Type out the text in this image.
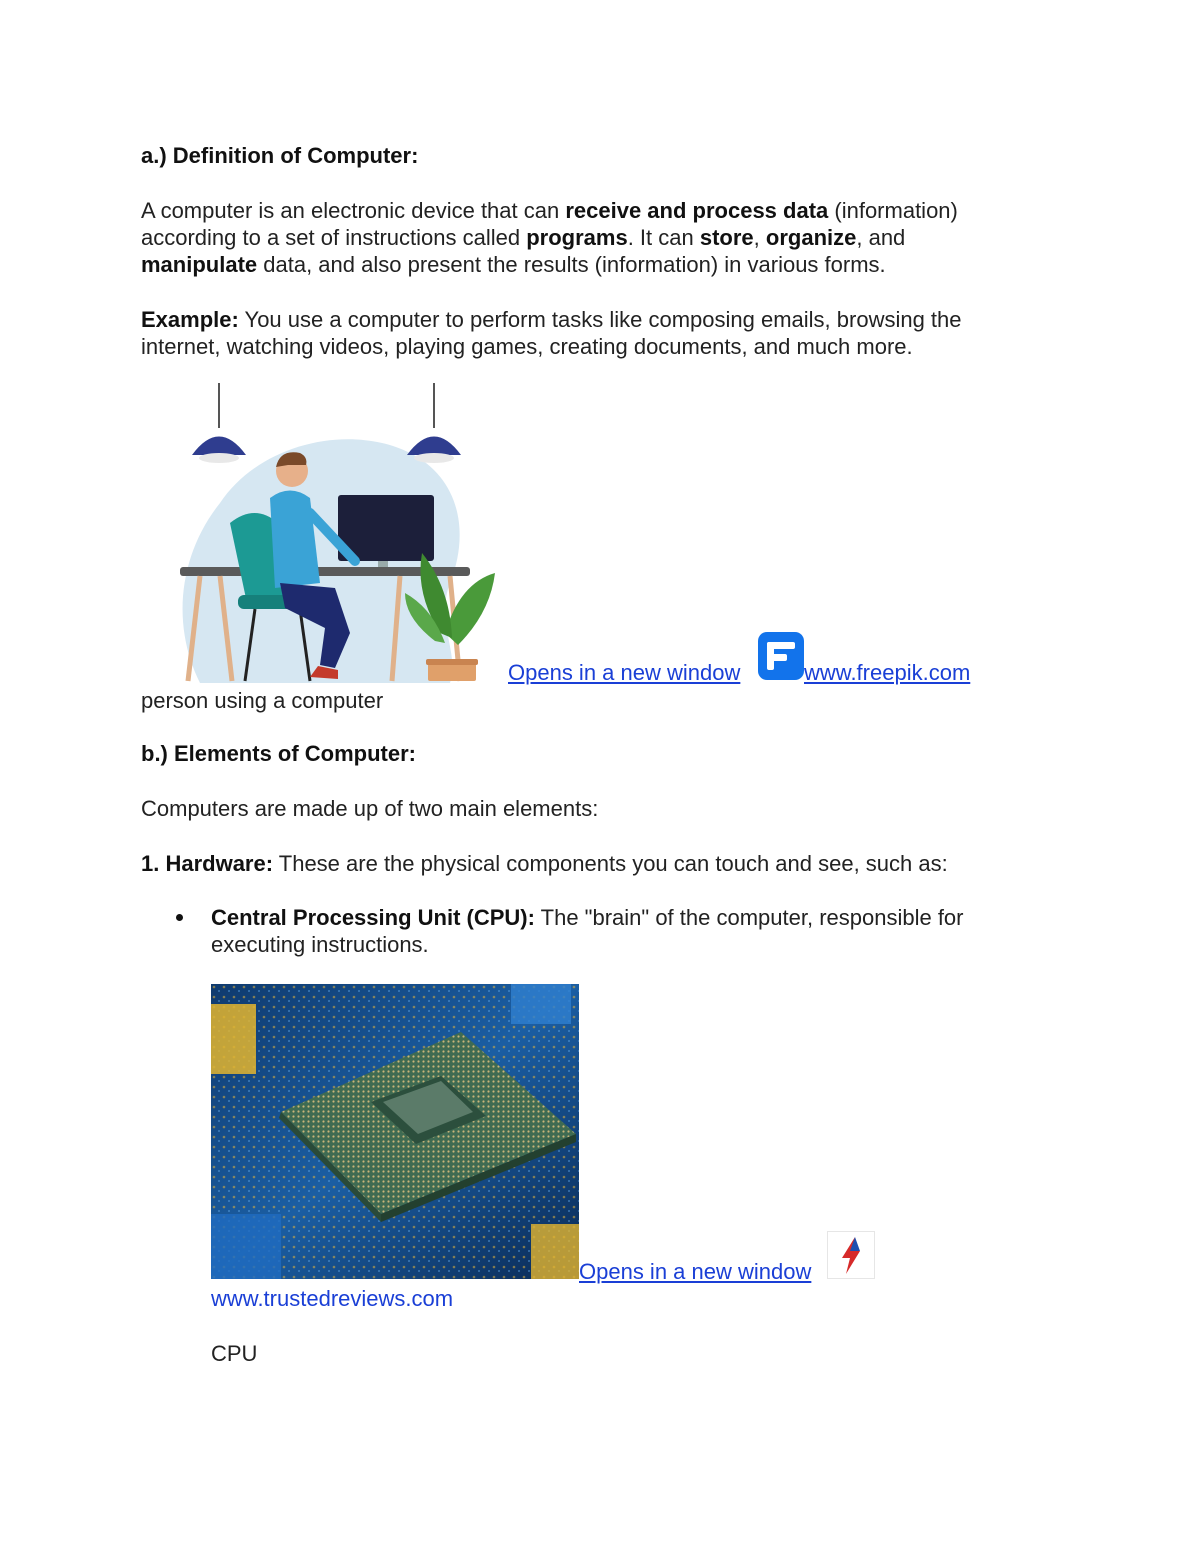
a.) Definition of Computer:
A computer is an electronic device that can receive and process data (information)
according to a set of instructions called programs. It can store, organize, and
manipulate data, and also present the results (information) in various forms.
Example: You use a computer to perform tasks like composing emails, browsing the
internet, watching videos, playing games, creating documents, and much more.
Opens in a new window	www.freepik.com
person using a computer
b.) Elements of Computer:
Computers are made up of two main elements:
1. Hardware: These are the physical components you can touch and see, such as:
Central Processing Unit (CPU): The "brain" of the computer, responsible for
executing instructions.
Opens in a new window
www.trustedreviews.com
CPU
